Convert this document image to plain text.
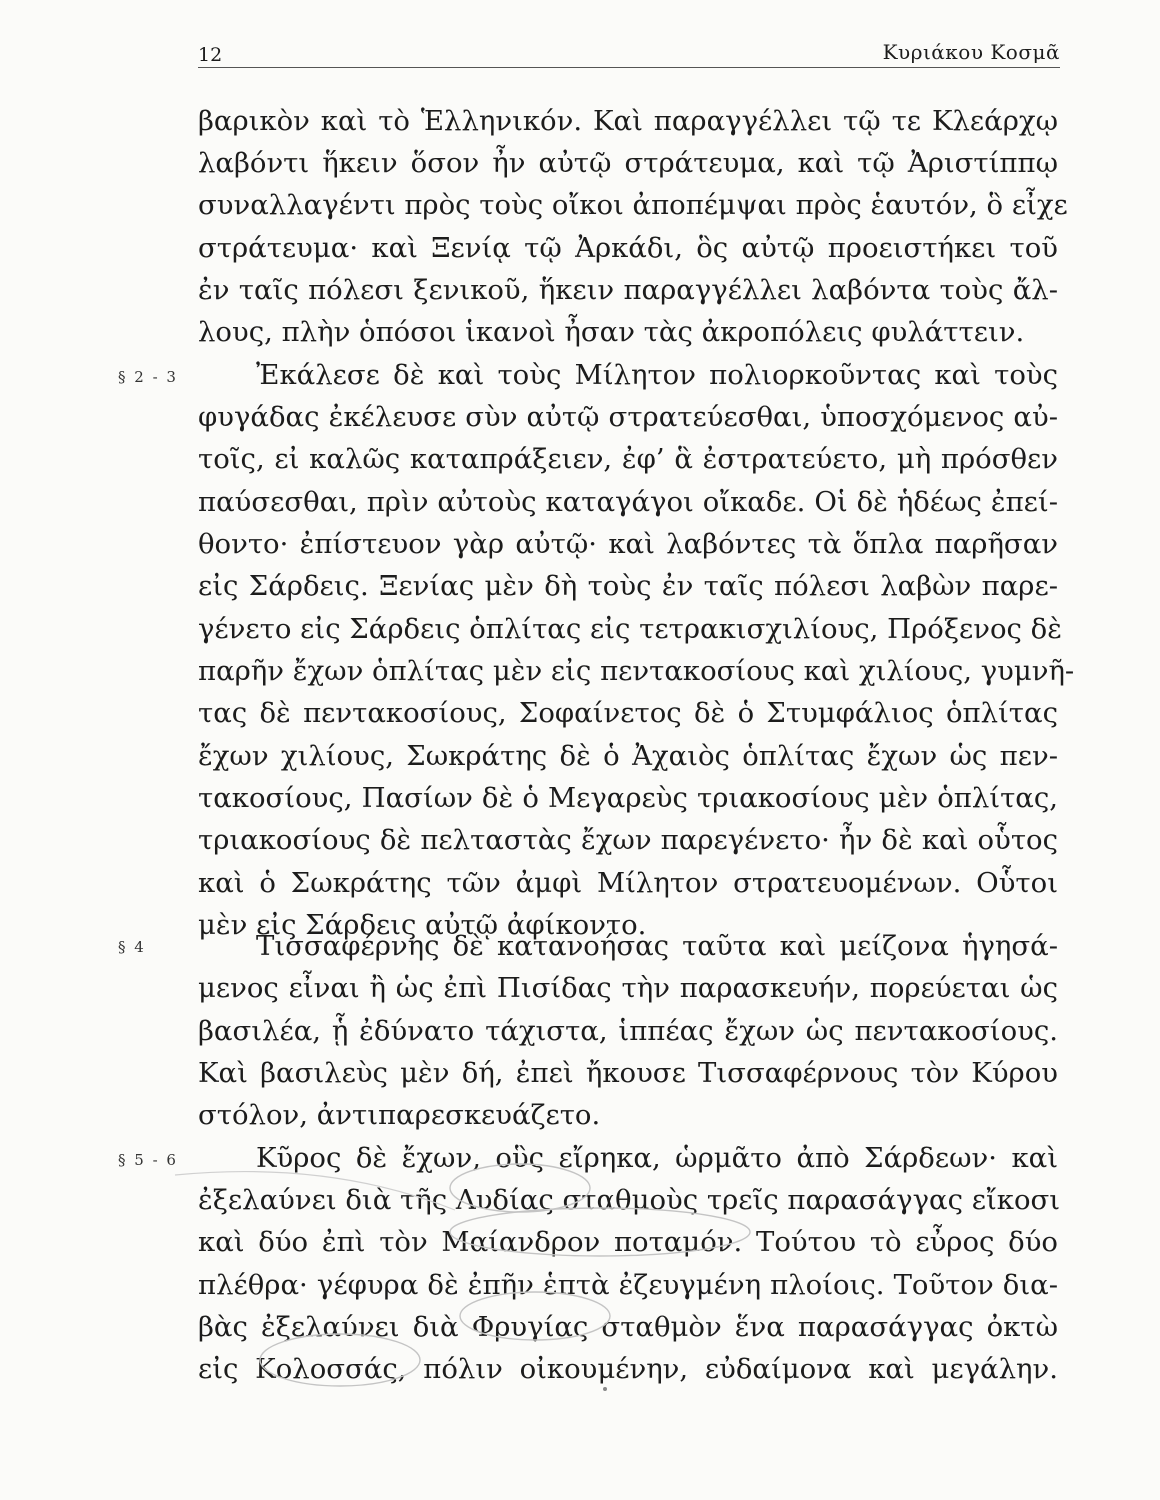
12	Κυριάκου Κοσμᾶ
§ 2 - 3
§ 4
§ 5 - 6
βαρικὸν καὶ τὸ Ἑλληνικόν. Καὶ παραγγέλλει τῷ τε Κλεάρχῳ
λαβόντι ἥκειν ὅσον ἦν αὐτῷ στράτευμα, καὶ τῷ Ἀριστίππῳ
συναλλαγέντι πρὸς τοὺς οἴκοι ἀποπέμψαι πρὸς ἑαυτόν, ὃ εἶχε
στράτευμα· καὶ Ξενίᾳ τῷ Ἀρκάδι, ὃς αὐτῷ προειστήκει τοῦ
ἐν ταῖς πόλεσι ξενικοῦ, ἥκειν παραγγέλλει λαβόντα τοὺς ἄλ-
λους, πλὴν ὁπόσοι ἱκανοὶ ἦσαν τὰς ἀκροπόλεις φυλάττειν.
Ἐκάλεσε δὲ καὶ τοὺς Μίλητον πολιορκοῦντας καὶ τοὺς
φυγάδας ἐκέλευσε σὺν αὐτῷ στρατεύεσθαι, ὑποσχόμενος αὐ-
τοῖς, εἰ καλῶς καταπράξειεν, ἐφ’ ἃ ἐστρατεύετο, μὴ πρόσθεν
παύσεσθαι, πρὶν αὐτοὺς καταγάγοι οἴκαδε. Οἱ δὲ ἡδέως ἐπεί-
θοντο· ἐπίστευον γὰρ αὐτῷ· καὶ λαβόντες τὰ ὅπλα παρῆσαν
εἰς Σάρδεις. Ξενίας μὲν δὴ τοὺς ἐν ταῖς πόλεσι λαβὼν παρε-
γένετο εἰς Σάρδεις ὁπλίτας εἰς τετρακισχιλίους, Πρόξενος δὲ
παρῆν ἔχων ὁπλίτας μὲν εἰς πεντακοσίους καὶ χιλίους, γυμνῆ-
τας δὲ πεντακοσίους, Σοφαίνετος δὲ ὁ Στυμφάλιος ὁπλίτας
ἔχων χιλίους, Σωκράτης δὲ ὁ Ἀχαιὸς ὁπλίτας ἔχων ὡς πεν-
τακοσίους, Πασίων δὲ ὁ Μεγαρεὺς τριακοσίους μὲν ὁπλίτας,
τριακοσίους δὲ πελταστὰς ἔχων παρεγένετο· ἦν δὲ καὶ οὗτος
καὶ ὁ Σωκράτης τῶν ἀμφὶ Μίλητον στρατευομένων. Οὗτοι
μὲν εἰς Σάρδεις αὐτῷ ἀφίκοντο.
Τισσαφέρνης δὲ κατανοήσας ταῦτα καὶ μείζονα ἡγησά-
μενος εἶναι ἢ ὡς ἐπὶ Πισίδας τὴν παρασκευήν, πορεύεται ὡς
βασιλέα, ᾗ ἐδύνατο τάχιστα, ἱππέας ἔχων ὡς πεντακοσίους.
Καὶ βασιλεὺς μὲν δή, ἐπεὶ ἤκουσε Τισσαφέρνους τὸν Κύρου
στόλον, ἀντιπαρεσκευάζετο.
Κῦρος δὲ ἔχων, οὓς εἴρηκα, ὡρμᾶτο ἀπὸ Σάρδεων· καὶ
ἐξελαύνει διὰ τῆς Λυδίας σταθμοὺς τρεῖς παρασάγγας εἴκοσι
καὶ δύο ἐπὶ τὸν Μαίανδρον ποταμόν. Τούτου τὸ εὖρος δύο
πλέθρα· γέφυρα δὲ ἐπῆν ἑπτὰ ἐζευγμένη πλοίοις. Τοῦτον δια-
βὰς ἐξελαύνει διὰ Φρυγίας σταθμὸν ἕνα παρασάγγας ὀκτὼ
εἰς Κολοσσάς, πόλιν οἰκουμένην, εὐδαίμονα καὶ μεγάλην.
